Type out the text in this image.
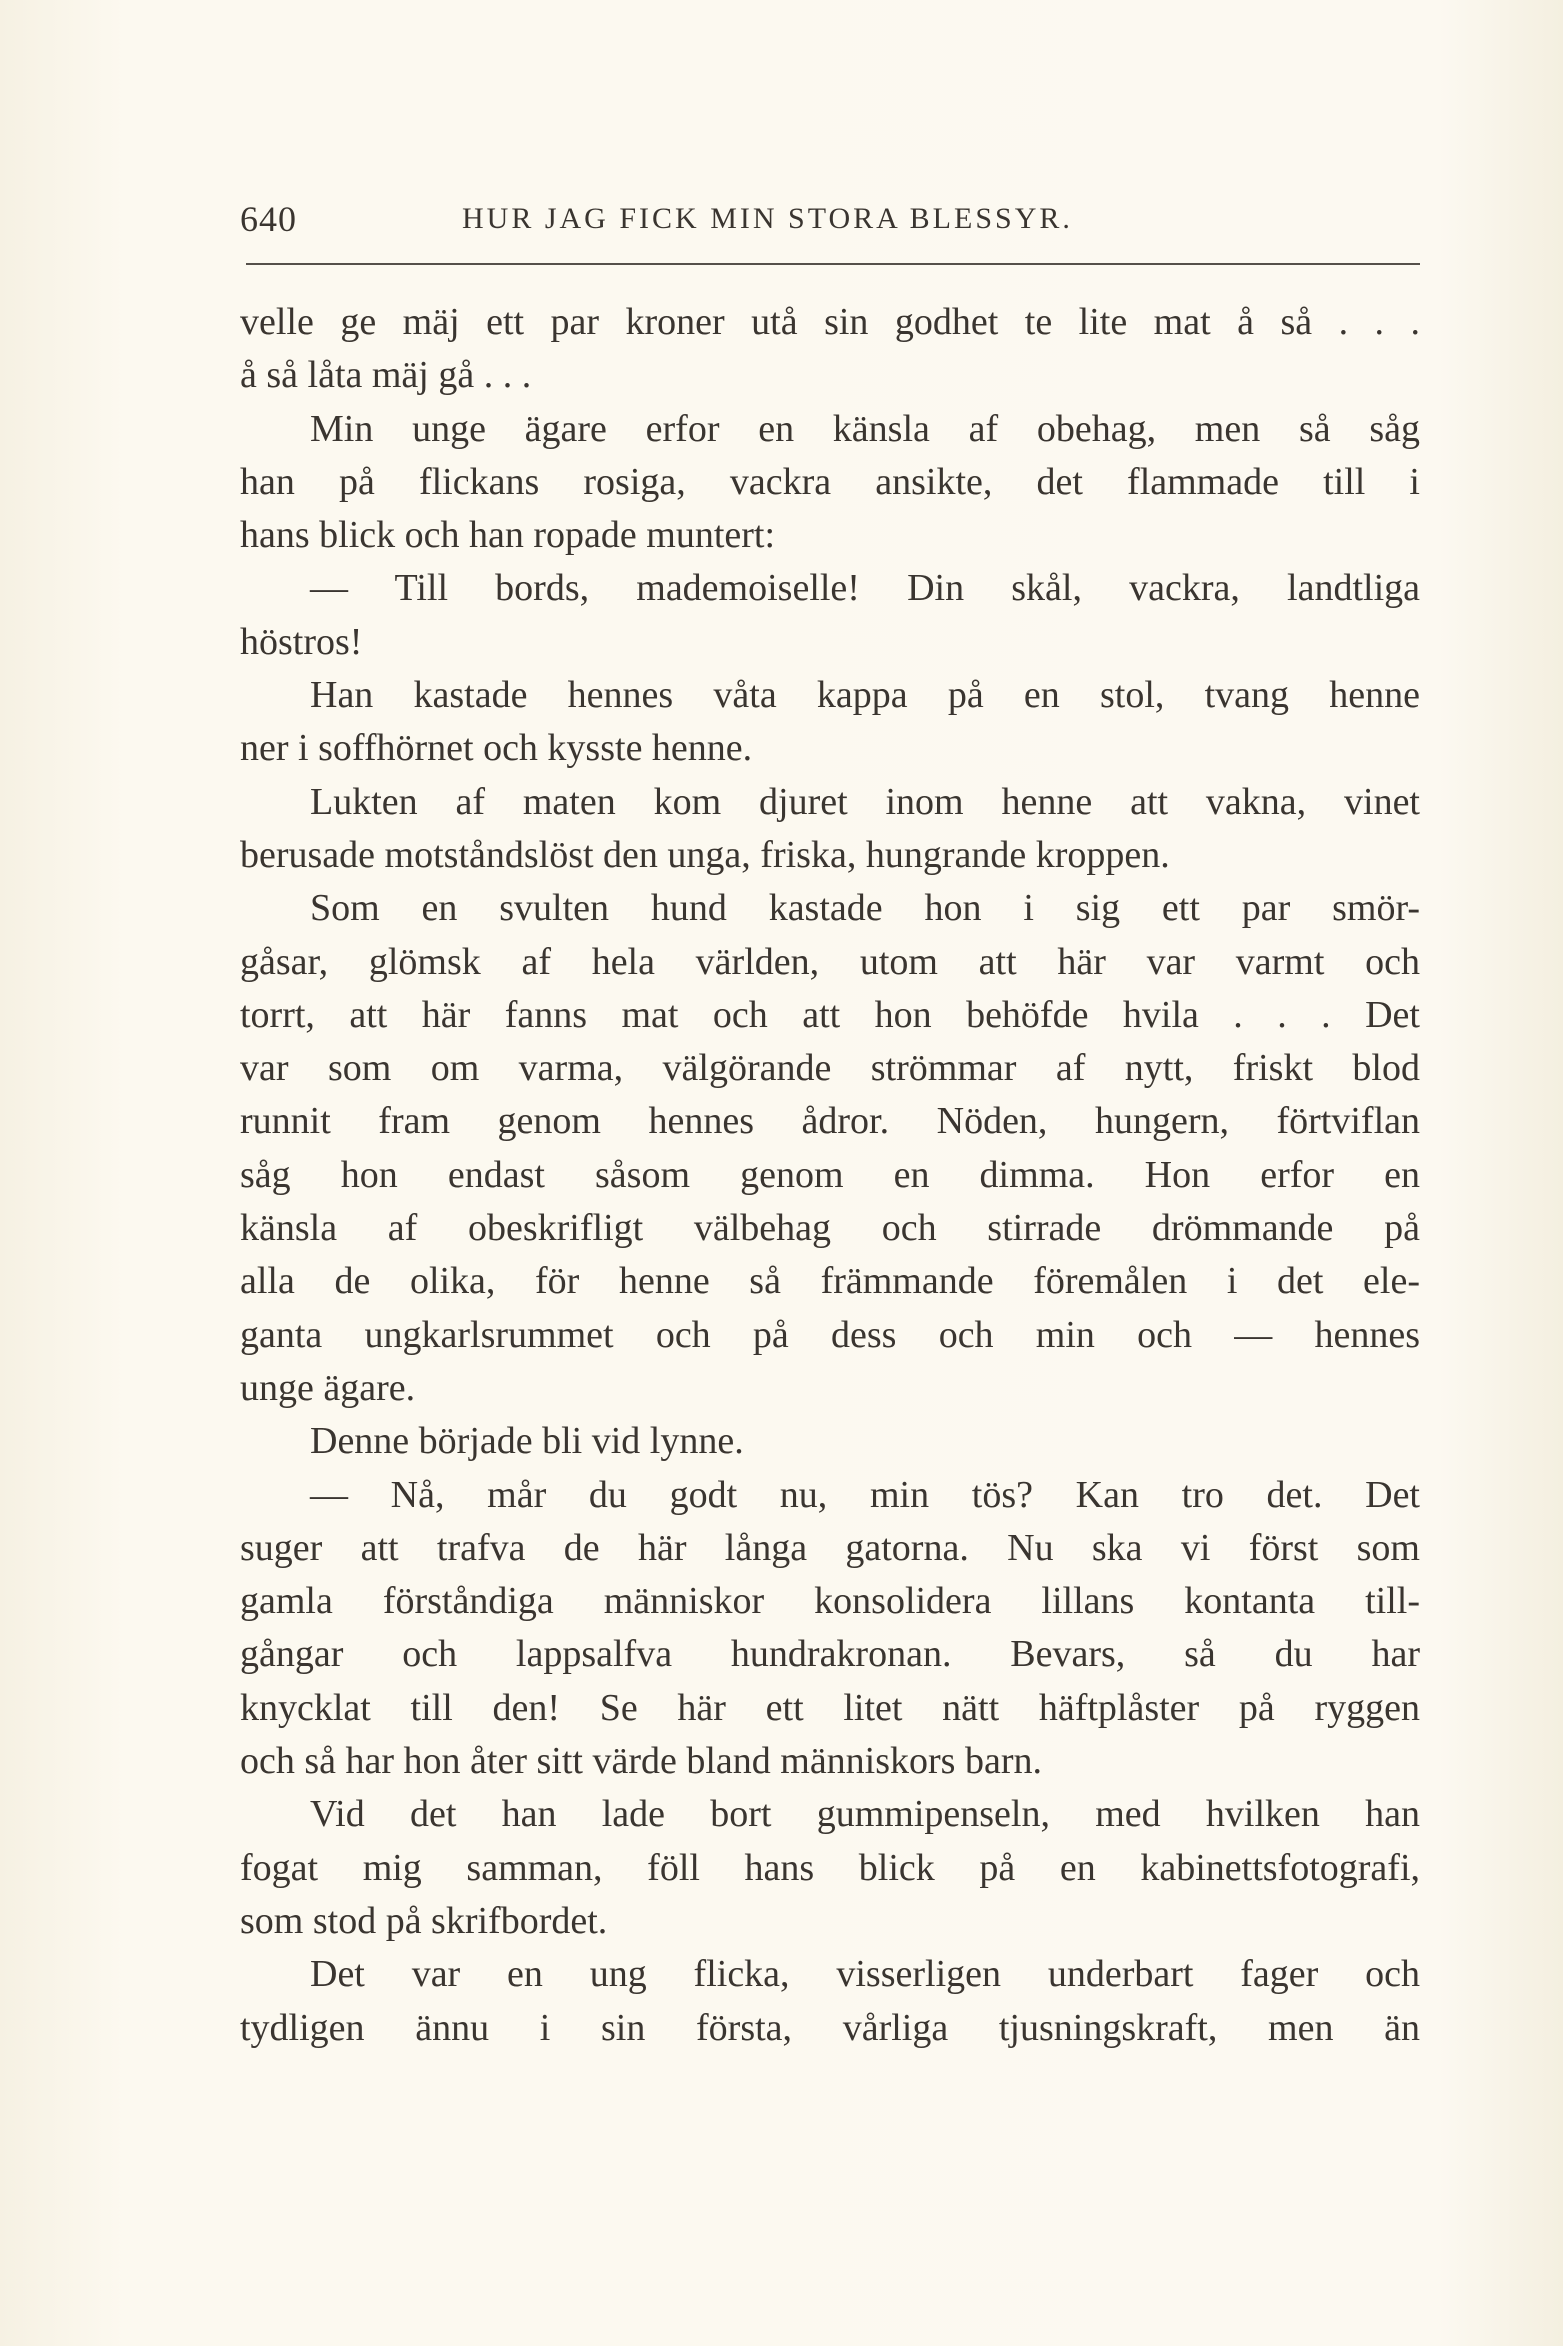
640	HUR JAG FICK MIN STORA BLESSYR.
velle ge mäj ett par kroner utå sin godhet te lite mat å så . . .
å så låta mäj gå . . .
Min unge ägare erfor en känsla af obehag, men så såg
han på flickans rosiga, vackra ansikte, det flammade till i
hans blick och han ropade muntert:
— Till bords, mademoiselle! Din skål, vackra, landtliga
höstros!
Han kastade hennes våta kappa på en stol, tvang henne
ner i soffhörnet och kysste henne.
Lukten af maten kom djuret inom henne att vakna, vinet
berusade motståndslöst den unga, friska, hungrande kroppen.
Som en svulten hund kastade hon i sig ett par smör-
gåsar, glömsk af hela världen, utom att här var varmt och
torrt, att här fanns mat och att hon behöfde hvila . . . Det
var som om varma, välgörande strömmar af nytt, friskt blod
runnit fram genom hennes ådror. Nöden, hungern, förtviflan
såg hon endast såsom genom en dimma. Hon erfor en
känsla af obeskrifligt välbehag och stirrade drömmande på
alla de olika, för henne så främmande föremålen i det ele-
ganta ungkarlsrummet och på dess och min och — hennes
unge ägare.
Denne började bli vid lynne.
— Nå, mår du godt nu, min tös? Kan tro det. Det
suger att trafva de här långa gatorna. Nu ska vi först som
gamla förståndiga människor konsolidera lillans kontanta till-
gångar och lappsalfva hundrakronan. Bevars, så du har
knycklat till den! Se här ett litet nätt häftplåster på ryggen
och så har hon åter sitt värde bland människors barn.
Vid det han lade bort gummipenseln, med hvilken han
fogat mig samman, föll hans blick på en kabinettsfotografi,
som stod på skrifbordet.
Det var en ung flicka, visserligen underbart fager och
tydligen ännu i sin första, vårliga tjusningskraft, men än
